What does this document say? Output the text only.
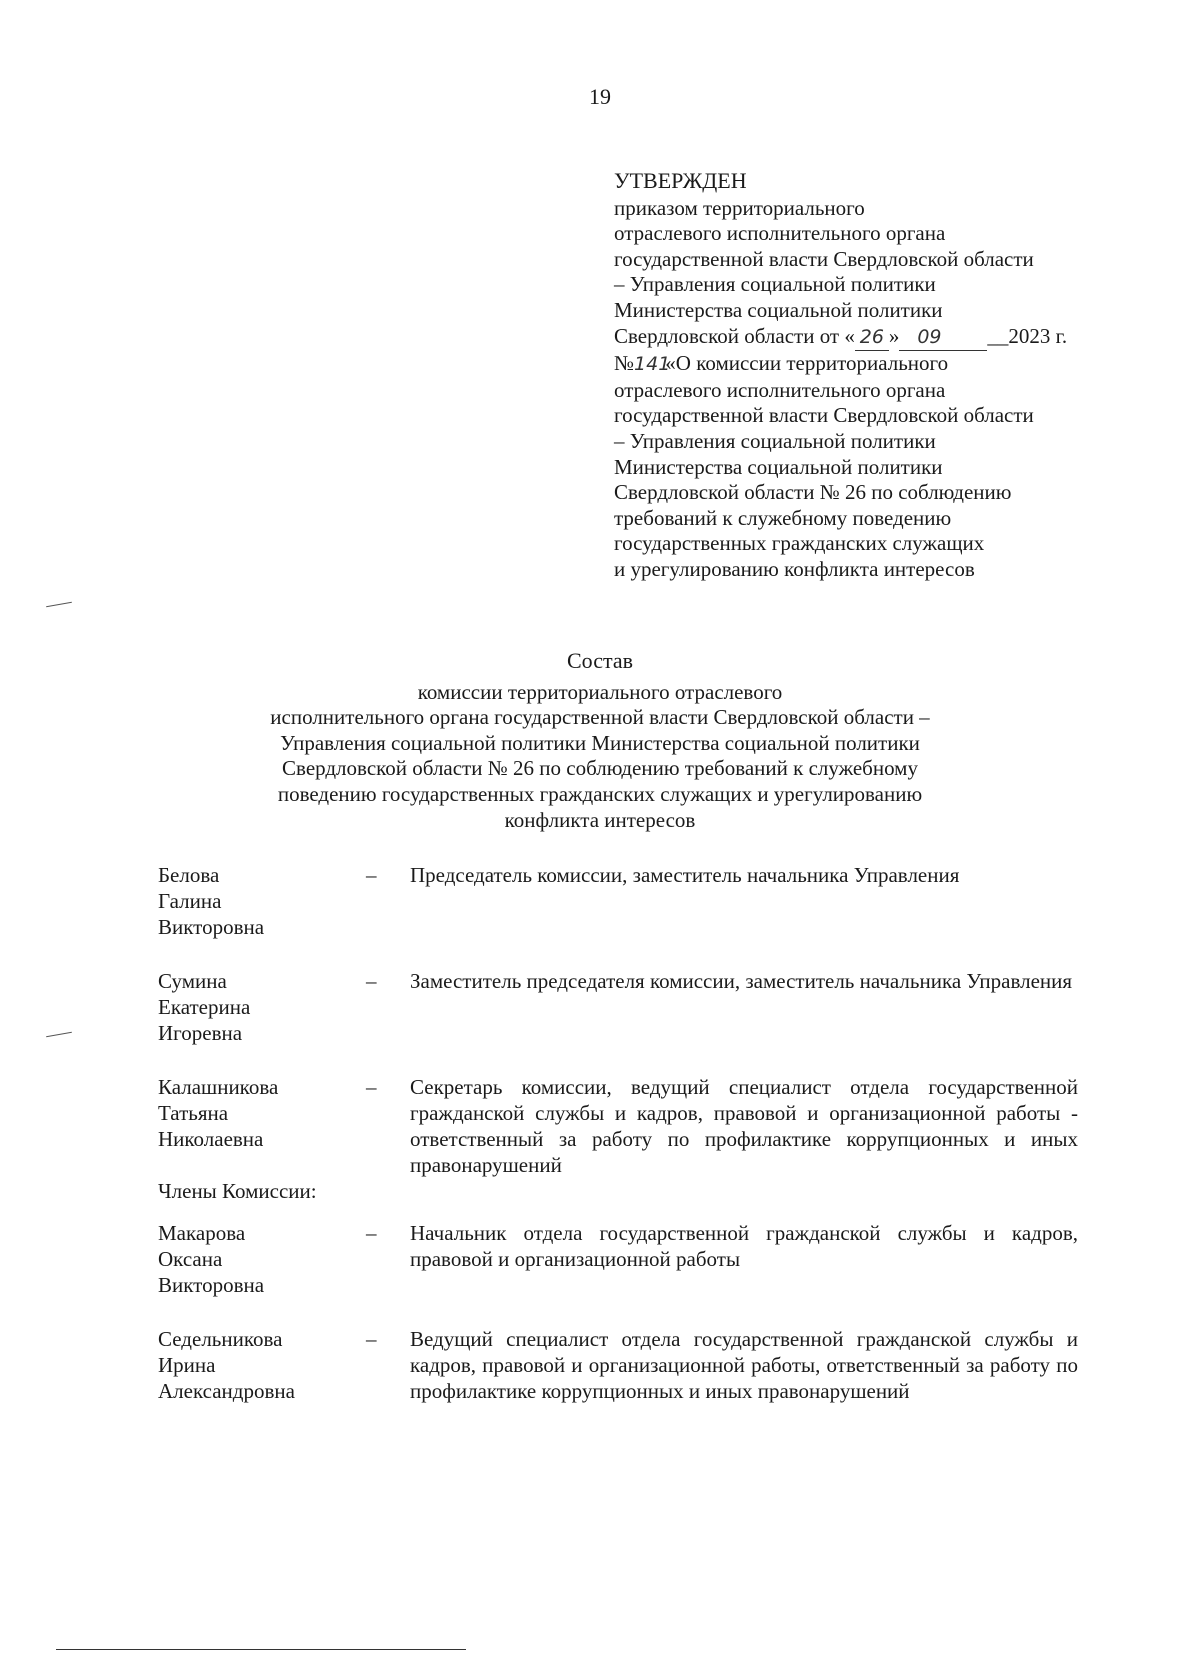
19
УТВЕРЖДЕН
приказом территориального
отраслевого исполнительного органа
государственной власти Свердловской области
– Управления социальной политики
Министерства социальной политики
Свердловской области от « 26 » 09 __2023 г.
№141 «О комиссии территориального
отраслевого исполнительного органа
государственной власти Свердловской области
– Управления социальной политики
Министерства социальной политики
Свердловской области № 26 по соблюдению
требований к служебному поведению
государственных гражданских служащих
и урегулированию конфликта интересов
Состав
комиссии территориального отраслевого
исполнительного органа государственной власти Свердловской области –
Управления социальной политики Министерства социальной политики
Свердловской области № 26 по соблюдению требований к служебному
поведению государственных гражданских служащих и урегулированию
конфликта интересов
Белова
Галина
Викторовна
– Председатель комиссии, заместитель начальника Управления
Сумина
Екатерина
Игоревна
– Заместитель председателя комиссии, заместитель начальника Управления
Калашникова
Татьяна
Николаевна
– Секретарь комиссии, ведущий специалист отдела государственной гражданской службы и кадров, правовой и организационной работы - ответственный за работу по профилактике коррупционных и иных правонарушений
Члены Комиссии:
Макарова
Оксана
Викторовна
– Начальник отдела государственной гражданской службы и кадров, правовой и организационной работы
Седельникова
Ирина
Александровна
– Ведущий специалист отдела государственной гражданской службы и кадров, правовой и организационной работы, ответственный за работу по профилактике коррупционных и иных правонарушений
